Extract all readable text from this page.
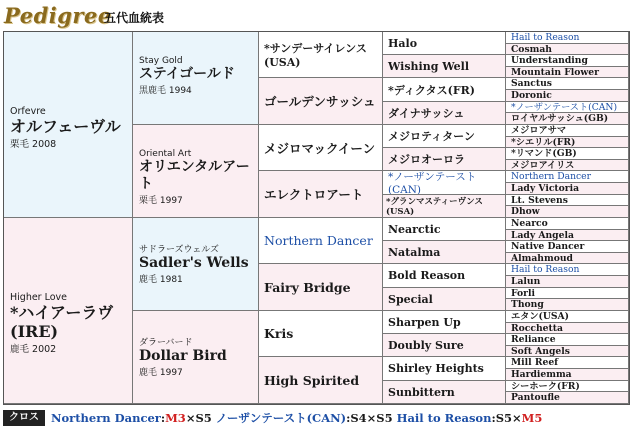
Pedigree
五代血統表
Orfevre
オルフェーヴル
栗毛 2008
Higher Love
*ハイアーラヴ(IRE)
鹿毛 2002
Stay Gold
ステイゴールド
黒鹿毛 1994
Oriental Art
オリエンタルアート
栗毛 1997
サドラーズウェルズ
Sadler's Wells
鹿毛 1981
ダラーバード
Dollar Bird
鹿毛 1997
*サンデーサイレンス(USA)
ゴールデンサッシュ
メジロマックイーン
エレクトロアート
Northern Dancer
Fairy Bridge
Kris
High Spirited
Halo
Wishing Well
*ディクタス(FR)
ダイナサッシュ
メジロティターン
メジロオーロラ
*ノーザンテースト(CAN)
*グランマスティーヴンス(USA)
Nearctic
Natalma
Bold Reason
Special
Sharpen Up
Doubly Sure
Shirley Heights
Sunbittern
Hail to Reason
Cosmah
Understanding
Mountain Flower
Sanctus
Doronic
*ノーザンテースト(CAN)
ロイヤルサッシュ(GB)
メジロアサマ
*シエリル(FR)
*リマンド(GB)
メジロアイリス
Northern Dancer
Lady Victoria
Lt. Stevens
Dhow
Nearco
Lady Angela
Native Dancer
Almahmoud
Hail to Reason
Lalun
Forli
Thong
エタン(USA)
Rocchetta
Reliance
Soft Angels
Mill Reef
Hardiemma
シーホーク(FR)
Pantoufle
クロス	Northern Dancer:M3×S5 ノーザンテースト(CAN):S4×S5 Hail to Reason:S5×M5
